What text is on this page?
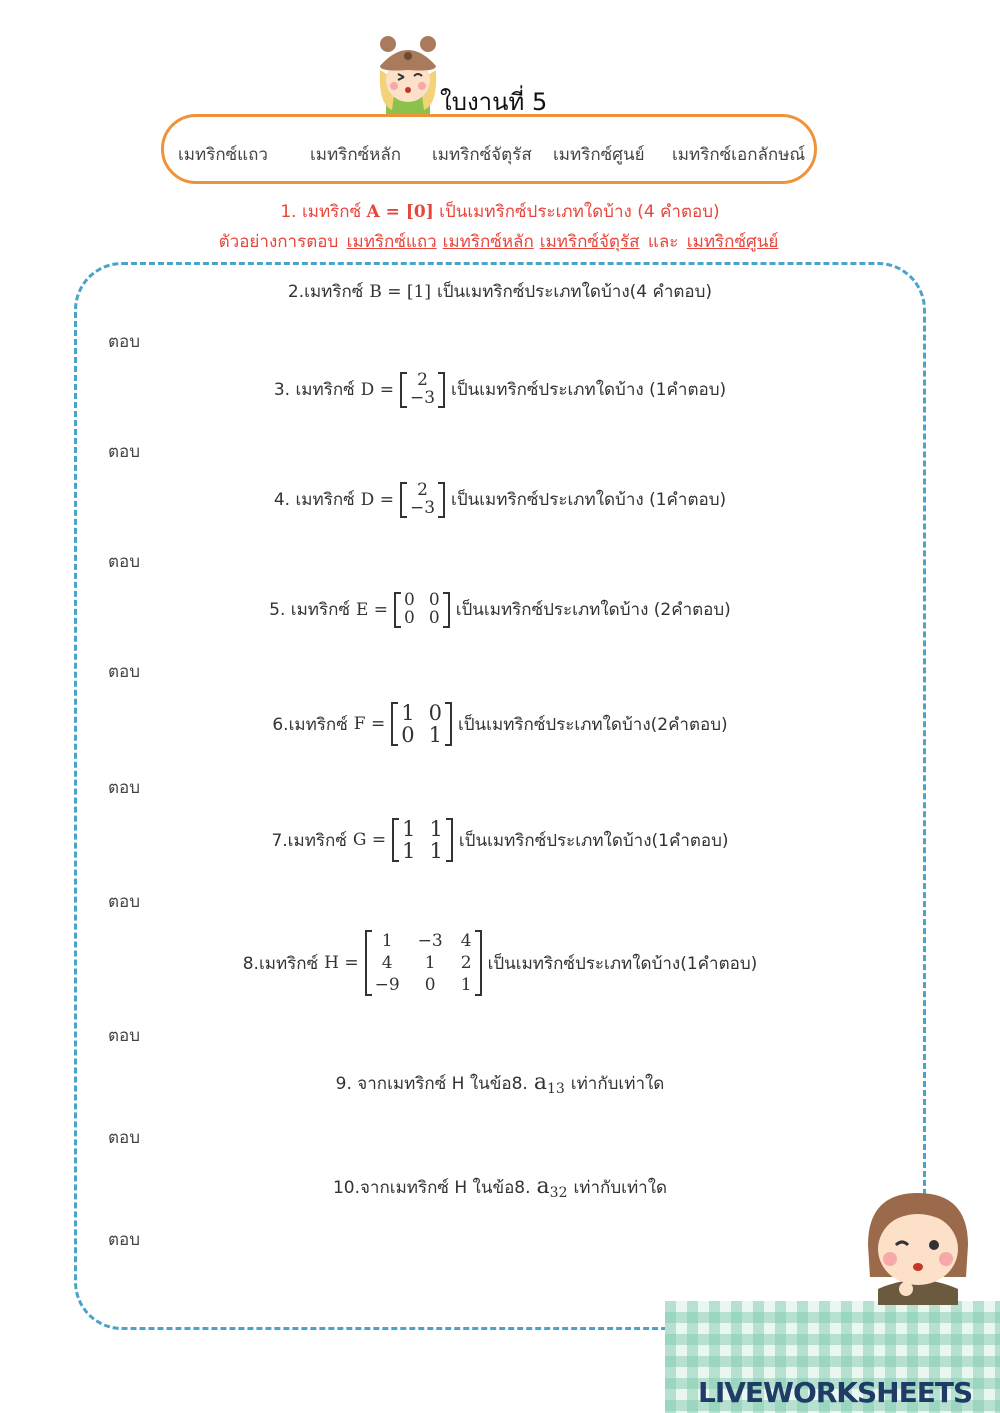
ใบงานที่ 5
เมทริกซ์แถว เมทริกซ์หลัก เมทริกซ์จัตุรัส เมทริกซ์ศูนย์ เมทริกซ์เอกลักษณ์
1. เมทริกซ์ A = [0] เป็นเมทริกซ์ประเภทใดบ้าง (4 คำตอบ)
ตัวอย่างการตอบ เมทริกซ์แถว เมทริกซ์หลัก เมทริกซ์จัตุรัส และ เมทริกซ์ศูนย์
2.เมทริกซ์ B = [1] เป็นเมทริกซ์ประเภทใดบ้าง(4 คำตอบ)
ตอบ
3. เมทริกซ์ D =	2
−3 เป็นเมทริกซ์ประเภทใดบ้าง (1คำตอบ)
ตอบ
4. เมทริกซ์ D =	2
−3 เป็นเมทริกซ์ประเภทใดบ้าง (1คำตอบ)
ตอบ
5. เมทริกซ์ E = 0 0
0 0 เป็นเมทริกซ์ประเภทใดบ้าง (2คำตอบ)
ตอบ
6.เมทริกซ์ F = 1 0
0 1 เป็นเมทริกซ์ประเภทใดบ้าง(2คำตอบ)
ตอบ
7.เมทริกซ์ G = 1 1
1 1 เป็นเมทริกซ์ประเภทใดบ้าง(1คำตอบ)
ตอบ
8.เมทริกซ์ H =
1	−3 4
4	1	2
−9	0	1
เป็นเมทริกซ์ประเภทใดบ้าง(1คำตอบ)
ตอบ
9. จากเมทริกซ์ H ในข้อ8. a13 เท่ากับเท่าใด
ตอบ
10.จากเมทริกซ์ H ในข้อ8. a32 เท่ากับเท่าใด
ตอบ
LIVEWORKSHEETS
